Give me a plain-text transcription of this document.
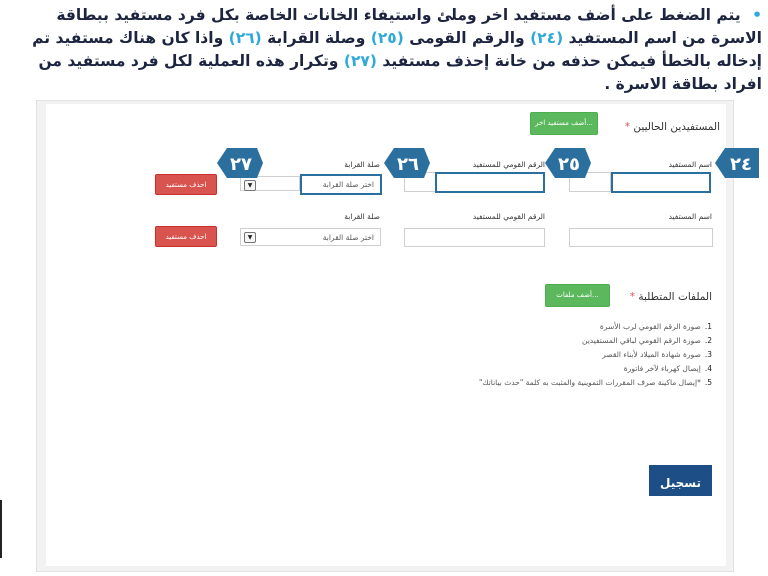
• يتم الضغط على أضف مستفيد اخر وملئ واستيفاء الخانات الخاصة بكل فرد مستفيد ببطاقة الاسرة من اسم المستفيد (٢٤) والرقم القومى (٢٥) وصلة القرابة (٢٦) واذا كان هناك مستفيد تم إدخاله بالخطأ فيمكن حذفه من خانة إحذف مستفيد (٢٧) وتكرار هذه العملية لكل فرد مستفيد من افراد بطاقة الاسرة .
المستفيدين الحاليين *
أضف مستفيد اخر...
اسم المستفيد
الرقم القومي للمستفيد
صلة القرابة
▼	اختر صلة القرابة
احذف مستفيد
٢٤
٢٥
٢٦
٢٧
اسم المستفيد
الرقم القومي للمستفيد
صلة القرابة
اختر صلة القرابة
▼
احذف مستفيد
الملفات المتطلبة *
أضف ملفات...
1.صورة الرقم القومي لرب الأسرة
2.صورة الرقم القومي لباقي المستفيدين
3.صورة شهادة الميلاد لأبناء القصر
4.إيصال كهرباء لآخر فاتورة
5.*إيصال ماكينة صرف المقررات التموينية والمثبت به كلمة "حدث بياناتك"
تسجيل
